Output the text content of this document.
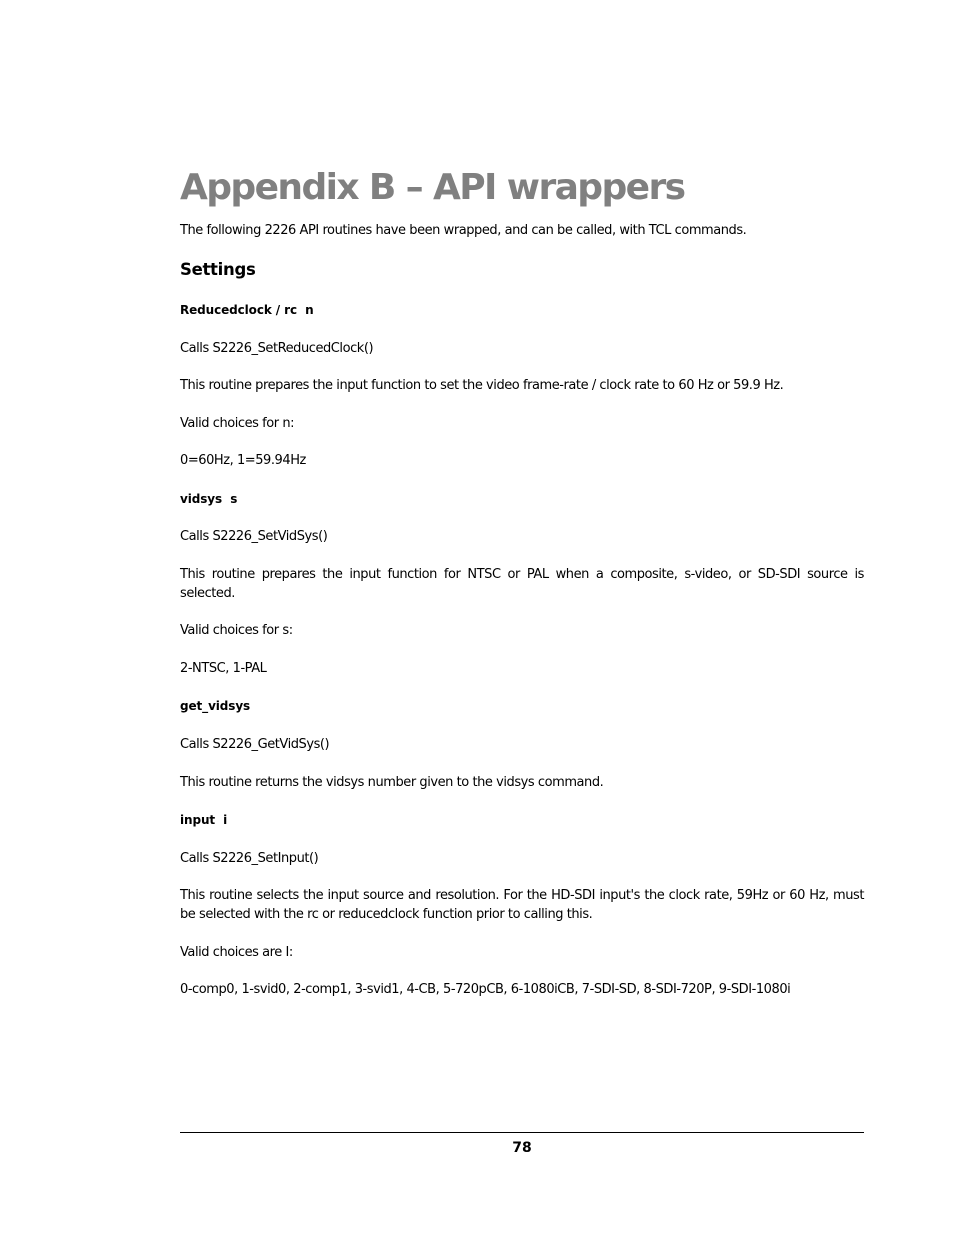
Appendix B – API wrappers

The following 2226 API routines have been wrapped, and can be called, with TCL commands.

Settings

Reducedclock / rc  n

Calls S2226_SetReducedClock()

This routine prepares the input function to set the video frame-rate / clock rate to 60 Hz or 59.9 Hz.

Valid choices for n:

0=60Hz, 1=59.94Hz

vidsys  s

Calls S2226_SetVidSys()

This routine prepares the input function for NTSC or PAL when a composite, s-video, or SD-SDI source is selected.

Valid choices for s:

2-NTSC, 1-PAL

get_vidsys

Calls S2226_GetVidSys()

This routine returns the vidsys number given to the vidsys command.

input  i

Calls S2226_SetInput()

This routine selects the input source and resolution. For the HD-SDI input's the clock rate, 59Hz or 60 Hz, must be selected with the rc or reducedclock function prior to calling this.

Valid choices are I:

0-comp0, 1-svid0, 2-comp1, 3-svid1, 4-CB, 5-720pCB, 6-1080iCB, 7-SDI-SD, 8-SDI-720P, 9-SDI-1080i

78
